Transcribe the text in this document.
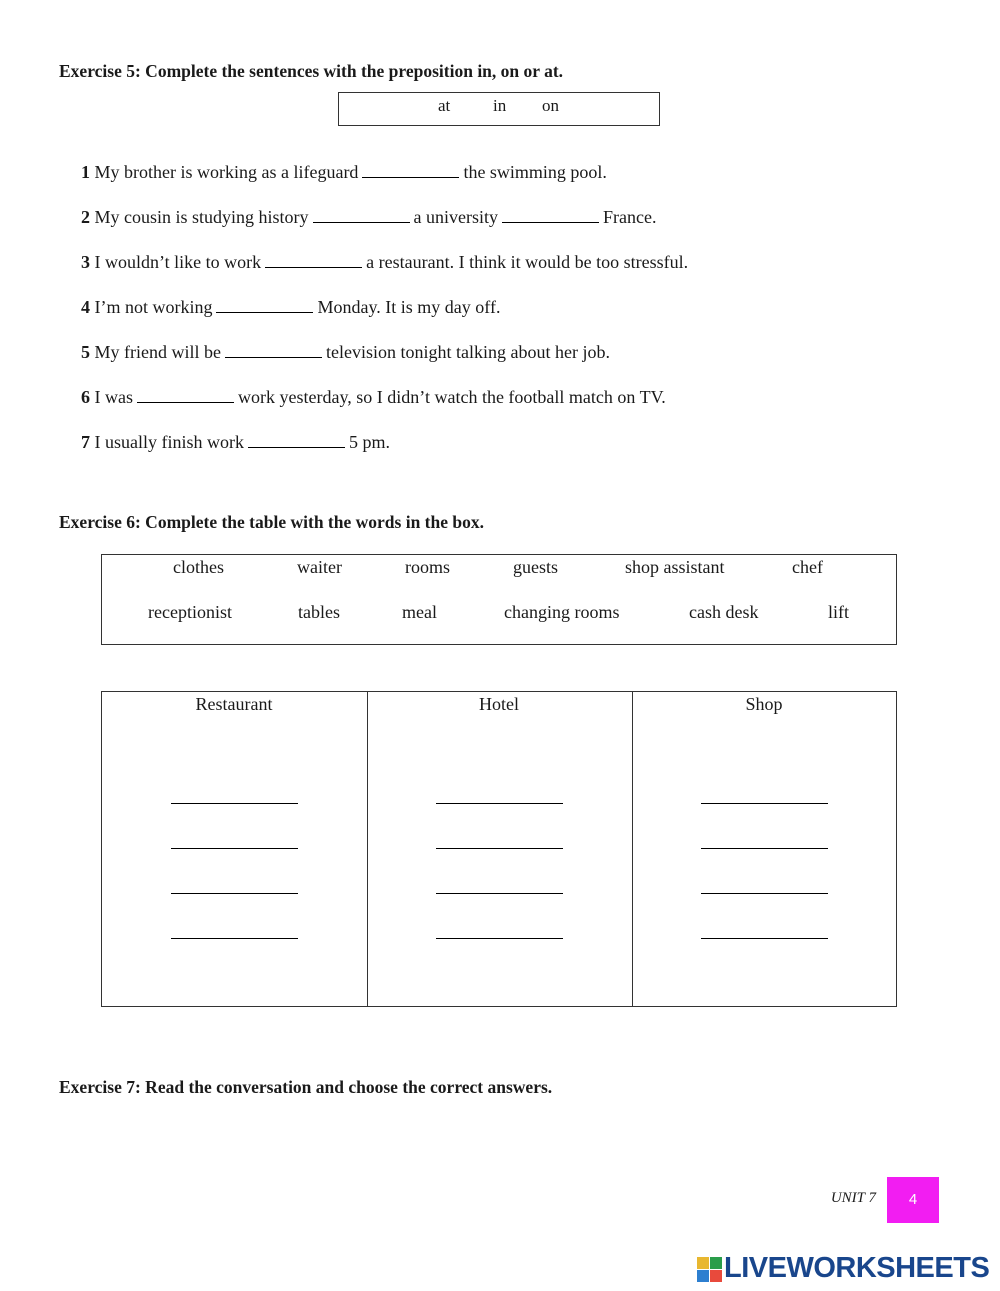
Exercise 5: Complete the sentences with the preposition in, on or at.
at	in on
1 My brother is working as a lifeguard	the swimming pool.
2 My cousin is studying history	a university	France.
3 I wouldn’t like to work	a restaurant. I think it would be too stressful.
4 I’m not working	Monday. It is my day off.
5 My friend will be	television tonight talking about her job.
6 I was	work yesterday, so I didn’t watch the football match on TV.
7 I usually finish work	5 pm.
Exercise 6: Complete the table with the words in the box.
clothes	waiter	rooms	guests	shop assistant	chef
receptionist	tables	meal	changing rooms	cash desk	lift
Restaurant	Hotel	Shop
Exercise 7: Read the conversation and choose the correct answers.
UNIT 7	4
LIVEWORKSHEETS
